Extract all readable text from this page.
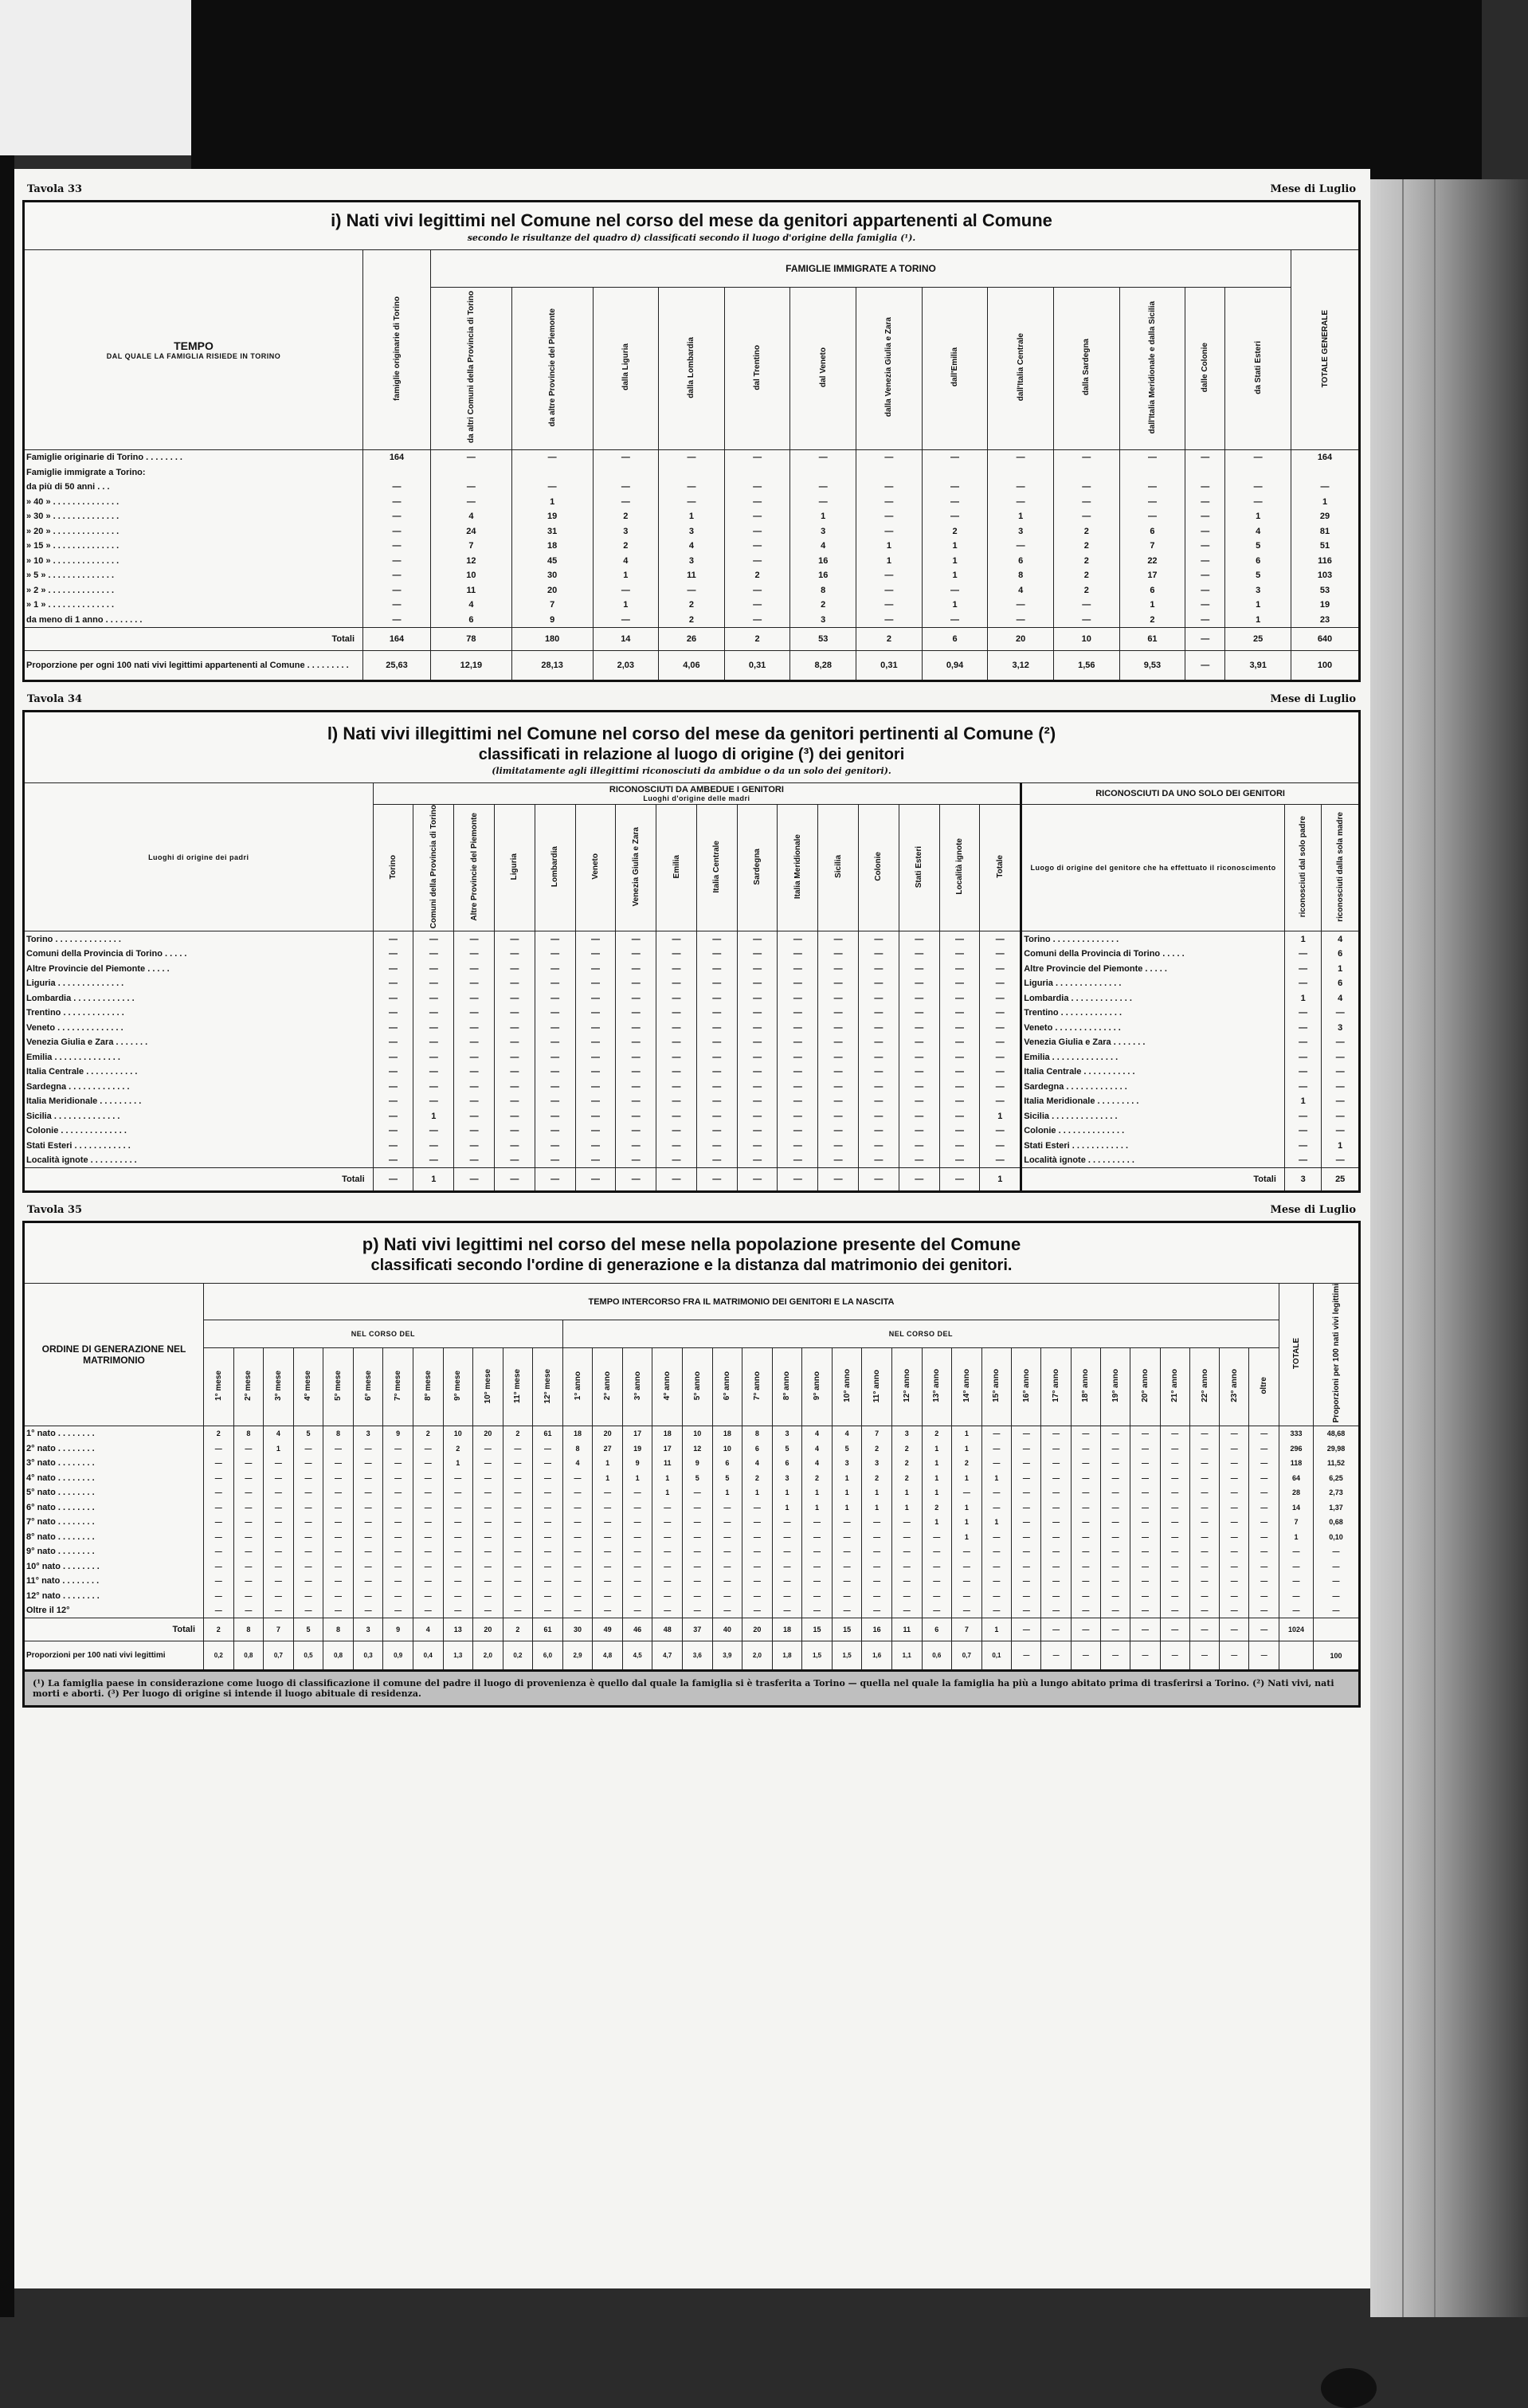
Tavola 33	Mese di Luglio
i) Nati vivi legittimi nel Comune nel corso del mese da genitori appartenenti al Comune
secondo le risultanze del quadro d) classificati secondo il luogo d'origine della famiglia (¹).
TEMPO
DAL QUALE LA FAMIGLIA RISIEDE IN TORINO	famiglie originarie di Torino	FAMIGLIE IMMIGRATE A TORINO													TOTALE GENERALE
		da altri Comuni della Provincia di Torino	da altre Provincie del Piemonte	dalla Liguria	dalla Lombardia	dal Trentino	dal Veneto	dalla Venezia Giulia e Zara	dall'Emilia	dall'Italia Centrale	dalla Sardegna	dall'Italia Meridionale e dalla Sicilia	dalle Colonie	da Stati Esteri	
Famiglie originarie di Torino . . . . . . . .	164	—	—	—	—	—	—	—	—	—	—	—	—	—	164
Famiglie immigrate a Torino:															
da più di 50 anni . . .	—	—	—	—	—	—	—	—	—	—	—	—	—	—	—
» 40 » . . . . . . . . . . . . . .	—	—	1	—	—	—	—	—	—	—	—	—	—	—	1
» 30 » . . . . . . . . . . . . . .	—	4	19	2	1	—	1	—	—	1	—	—	—	1	29
» 20 » . . . . . . . . . . . . . .	—	24	31	3	3	—	3	—	2	3	2	6	—	4	81
» 15 » . . . . . . . . . . . . . .	—	7	18	2	4	—	4	1	1	—	2	7	—	5	51
» 10 » . . . . . . . . . . . . . .	—	12	45	4	3	—	16	1	1	6	2	22	—	6	116
» 5 » . . . . . . . . . . . . . .	—	10	30	1	11	2	16	—	1	8	2	17	—	5	103
» 2 » . . . . . . . . . . . . . .	—	11	20	—	—	—	8	—	—	4	2	6	—	3	53
» 1 » . . . . . . . . . . . . . .	—	4	7	1	2	—	2	—	1	—	—	1	—	1	19
da meno di 1 anno . . . . . . . .	—	6	9	—	2	—	3	—	—	—	—	2	—	1	23
Totali	164	78	180	14	26	2	53	2	6	20	10	61	—	25	640
Proporzione per ogni 100 nati vivi legittimi appartenenti al Comune . . . . . . . . .	25,63	12,19	28,13	2,03	4,06	0,31	8,28	0,31	0,94	3,12	1,56	9,53	—	3,91	100
Tavola 34	Mese di Luglio
l) Nati vivi illegittimi nel Comune nel corso del mese da genitori pertinenti al Comune (²)
classificati in relazione al luogo di origine (³) dei genitori
(limitatamente agli illegittimi riconosciuti da ambidue o da un solo dei genitori).
Luoghi di origine dei padri	RICONOSCIUTI DA AMBEDUE I GENITORI
Luoghi d'origine delle madri																RICONOSCIUTI DA UNO SOLO DEI GENITORI		
	Torino	Comuni della Provincia di Torino	Altre Provincie del Piemonte	Liguria	Lombardia	Veneto	Venezia Giulia e Zara	Emilia	Italia Centrale	Sardegna	Italia Meridionale	Sicilia	Colonie	Stati Esteri	Località ignote	Totale	Luogo di origine del genitore che ha effettuato il riconoscimento	riconosciuti dal solo padre	riconosciuti dalla sola madre
Torino . . . . . . . . . . . . . .	—	—	—	—	—	—	—	—	—	—	—	—	—	—	—	—	Torino . . . . . . . . . . . . . .	1	4
Comuni della Provincia di Torino . . . . .	—	—	—	—	—	—	—	—	—	—	—	—	—	—	—	—	Comuni della Provincia di Torino . . . . .	—	6
Altre Provincie del Piemonte . . . . .	—	—	—	—	—	—	—	—	—	—	—	—	—	—	—	—	Altre Provincie del Piemonte . . . . .	—	1
Liguria . . . . . . . . . . . . . .	—	—	—	—	—	—	—	—	—	—	—	—	—	—	—	—	Liguria . . . . . . . . . . . . . .	—	6
Lombardia . . . . . . . . . . . . .	—	—	—	—	—	—	—	—	—	—	—	—	—	—	—	—	Lombardia . . . . . . . . . . . . .	1	4
Trentino . . . . . . . . . . . . .	—	—	—	—	—	—	—	—	—	—	—	—	—	—	—	—	Trentino . . . . . . . . . . . . .	—	—
Veneto . . . . . . . . . . . . . .	—	—	—	—	—	—	—	—	—	—	—	—	—	—	—	—	Veneto . . . . . . . . . . . . . .	—	3
Venezia Giulia e Zara . . . . . . .	—	—	—	—	—	—	—	—	—	—	—	—	—	—	—	—	Venezia Giulia e Zara . . . . . . .	—	—
Emilia . . . . . . . . . . . . . .	—	—	—	—	—	—	—	—	—	—	—	—	—	—	—	—	Emilia . . . . . . . . . . . . . .	—	—
Italia Centrale . . . . . . . . . . .	—	—	—	—	—	—	—	—	—	—	—	—	—	—	—	—	Italia Centrale . . . . . . . . . . .	—	—
Sardegna . . . . . . . . . . . . .	—	—	—	—	—	—	—	—	—	—	—	—	—	—	—	—	Sardegna . . . . . . . . . . . . .	—	—
Italia Meridionale . . . . . . . . .	—	—	—	—	—	—	—	—	—	—	—	—	—	—	—	—	Italia Meridionale . . . . . . . . .	1	—
Sicilia . . . . . . . . . . . . . .	—	1	—	—	—	—	—	—	—	—	—	—	—	—	—	1	Sicilia . . . . . . . . . . . . . .	—	—
Colonie . . . . . . . . . . . . . .	—	—	—	—	—	—	—	—	—	—	—	—	—	—	—	—	Colonie . . . . . . . . . . . . . .	—	—
Stati Esteri . . . . . . . . . . . .	—	—	—	—	—	—	—	—	—	—	—	—	—	—	—	—	Stati Esteri . . . . . . . . . . . .	—	1
Località ignote . . . . . . . . . .	—	—	—	—	—	—	—	—	—	—	—	—	—	—	—	—	Località ignote . . . . . . . . . .	—	—
Totali	—	1	—	—	—	—	—	—	—	—	—	—	—	—	—	1	Totali	3	25
Tavola 35	Mese di Luglio
p) Nati vivi legittimi nel corso del mese nella popolazione presente del Comune
classificati secondo l'ordine di generazione e la distanza dal matrimonio dei genitori.
ORDINE DI GENERAZIONE NEL MATRIMONIO	TEMPO INTERCORSO FRA IL MATRIMONIO DEI GENITORI E LA NASCITA																																				TOTALE	Proporzioni per 100 nati vivi legittimi
	NEL CORSO DEL												NEL CORSO DEL																									
	1° mese	2° mese	3° mese	4° mese	5° mese	6° mese	7° mese	8° mese	9° mese	10° mese	11° mese	12° mese	1° anno	2° anno	3° anno	4° anno	5° anno	6° anno	7° anno	8° anno	9° anno	10° anno	11° anno	12° anno	13° anno	14° anno	15° anno	16° anno	17° anno	18° anno	19° anno	20° anno	21° anno	22° anno	23° anno	oltre		
1° nato . . . . . . . .	2	8	4	5	8	3	9	2	10	20	2	61	18	20	17	18	10	18	8	3	4	4	7	3	2	1	—	—	—	—	—	—	—	—	—	—	333	48,68
2° nato . . . . . . . .	—	—	1	—	—	—	—	—	2	—	—	—	8	27	19	17	12	10	6	5	4	5	2	2	1	1	—	—	—	—	—	—	—	—	—	—	296	29,98
3° nato . . . . . . . .	—	—	—	—	—	—	—	—	1	—	—	—	4	1	9	11	9	6	4	6	4	3	3	2	1	2	—	—	—	—	—	—	—	—	—	—	118	11,52
4° nato . . . . . . . .	—	—	—	—	—	—	—	—	—	—	—	—	—	1	1	1	5	5	2	3	2	1	2	2	1	1	1	—	—	—	—	—	—	—	—	—	64	6,25
5° nato . . . . . . . .	—	—	—	—	—	—	—	—	—	—	—	—	—	—	—	1	—	1	1	1	1	1	1	1	1	—	—	—	—	—	—	—	—	—	—	—	28	2,73
6° nato . . . . . . . .	—	—	—	—	—	—	—	—	—	—	—	—	—	—	—	—	—	—	—	1	1	1	1	1	2	1	—	—	—	—	—	—	—	—	—	—	14	1,37
7° nato . . . . . . . .	—	—	—	—	—	—	—	—	—	—	—	—	—	—	—	—	—	—	—	—	—	—	—	—	1	1	1	—	—	—	—	—	—	—	—	—	7	0,68
8° nato . . . . . . . .	—	—	—	—	—	—	—	—	—	—	—	—	—	—	—	—	—	—	—	—	—	—	—	—	—	1	—	—	—	—	—	—	—	—	—	—	1	0,10
9° nato . . . . . . . .	—	—	—	—	—	—	—	—	—	—	—	—	—	—	—	—	—	—	—	—	—	—	—	—	—	—	—	—	—	—	—	—	—	—	—	—	—	—
10° nato . . . . . . . .	—	—	—	—	—	—	—	—	—	—	—	—	—	—	—	—	—	—	—	—	—	—	—	—	—	—	—	—	—	—	—	—	—	—	—	—	—	—
11° nato . . . . . . . .	—	—	—	—	—	—	—	—	—	—	—	—	—	—	—	—	—	—	—	—	—	—	—	—	—	—	—	—	—	—	—	—	—	—	—	—	—	—
12° nato . . . . . . . .	—	—	—	—	—	—	—	—	—	—	—	—	—	—	—	—	—	—	—	—	—	—	—	—	—	—	—	—	—	—	—	—	—	—	—	—	—	—
Oltre il 12°	—	—	—	—	—	—	—	—	—	—	—	—	—	—	—	—	—	—	—	—	—	—	—	—	—	—	—	—	—	—	—	—	—	—	—	—	—	—
Totali	2	8	7	5	8	3	9	4	13	20	2	61	30	49	46	48	37	40	20	18	15	15	16	11	6	7	1	—	—	—	—	—	—	—	—	—	1024	
Proporzioni per 100 nati vivi legittimi	0,2	0,8	0,7	0,5	0,8	0,3	0,9	0,4	1,3	2,0	0,2	6,0	2,9	4,8	4,5	4,7	3,6	3,9	2,0	1,8	1,5	1,5	1,6	1,1	0,6	0,7	0,1	—	—	—	—	—	—	—	—	—		100
(¹) La famiglia paese in considerazione come luogo di classificazione il comune del padre il luogo di provenienza è quello dal quale la famiglia si è trasferita a Torino — quella nel quale la famiglia ha più a lungo abitato prima di trasferirsi a Torino. (²) Nati vivi, nati morti e aborti. (³) Per luogo di origine si intende il luogo abituale di residenza.
